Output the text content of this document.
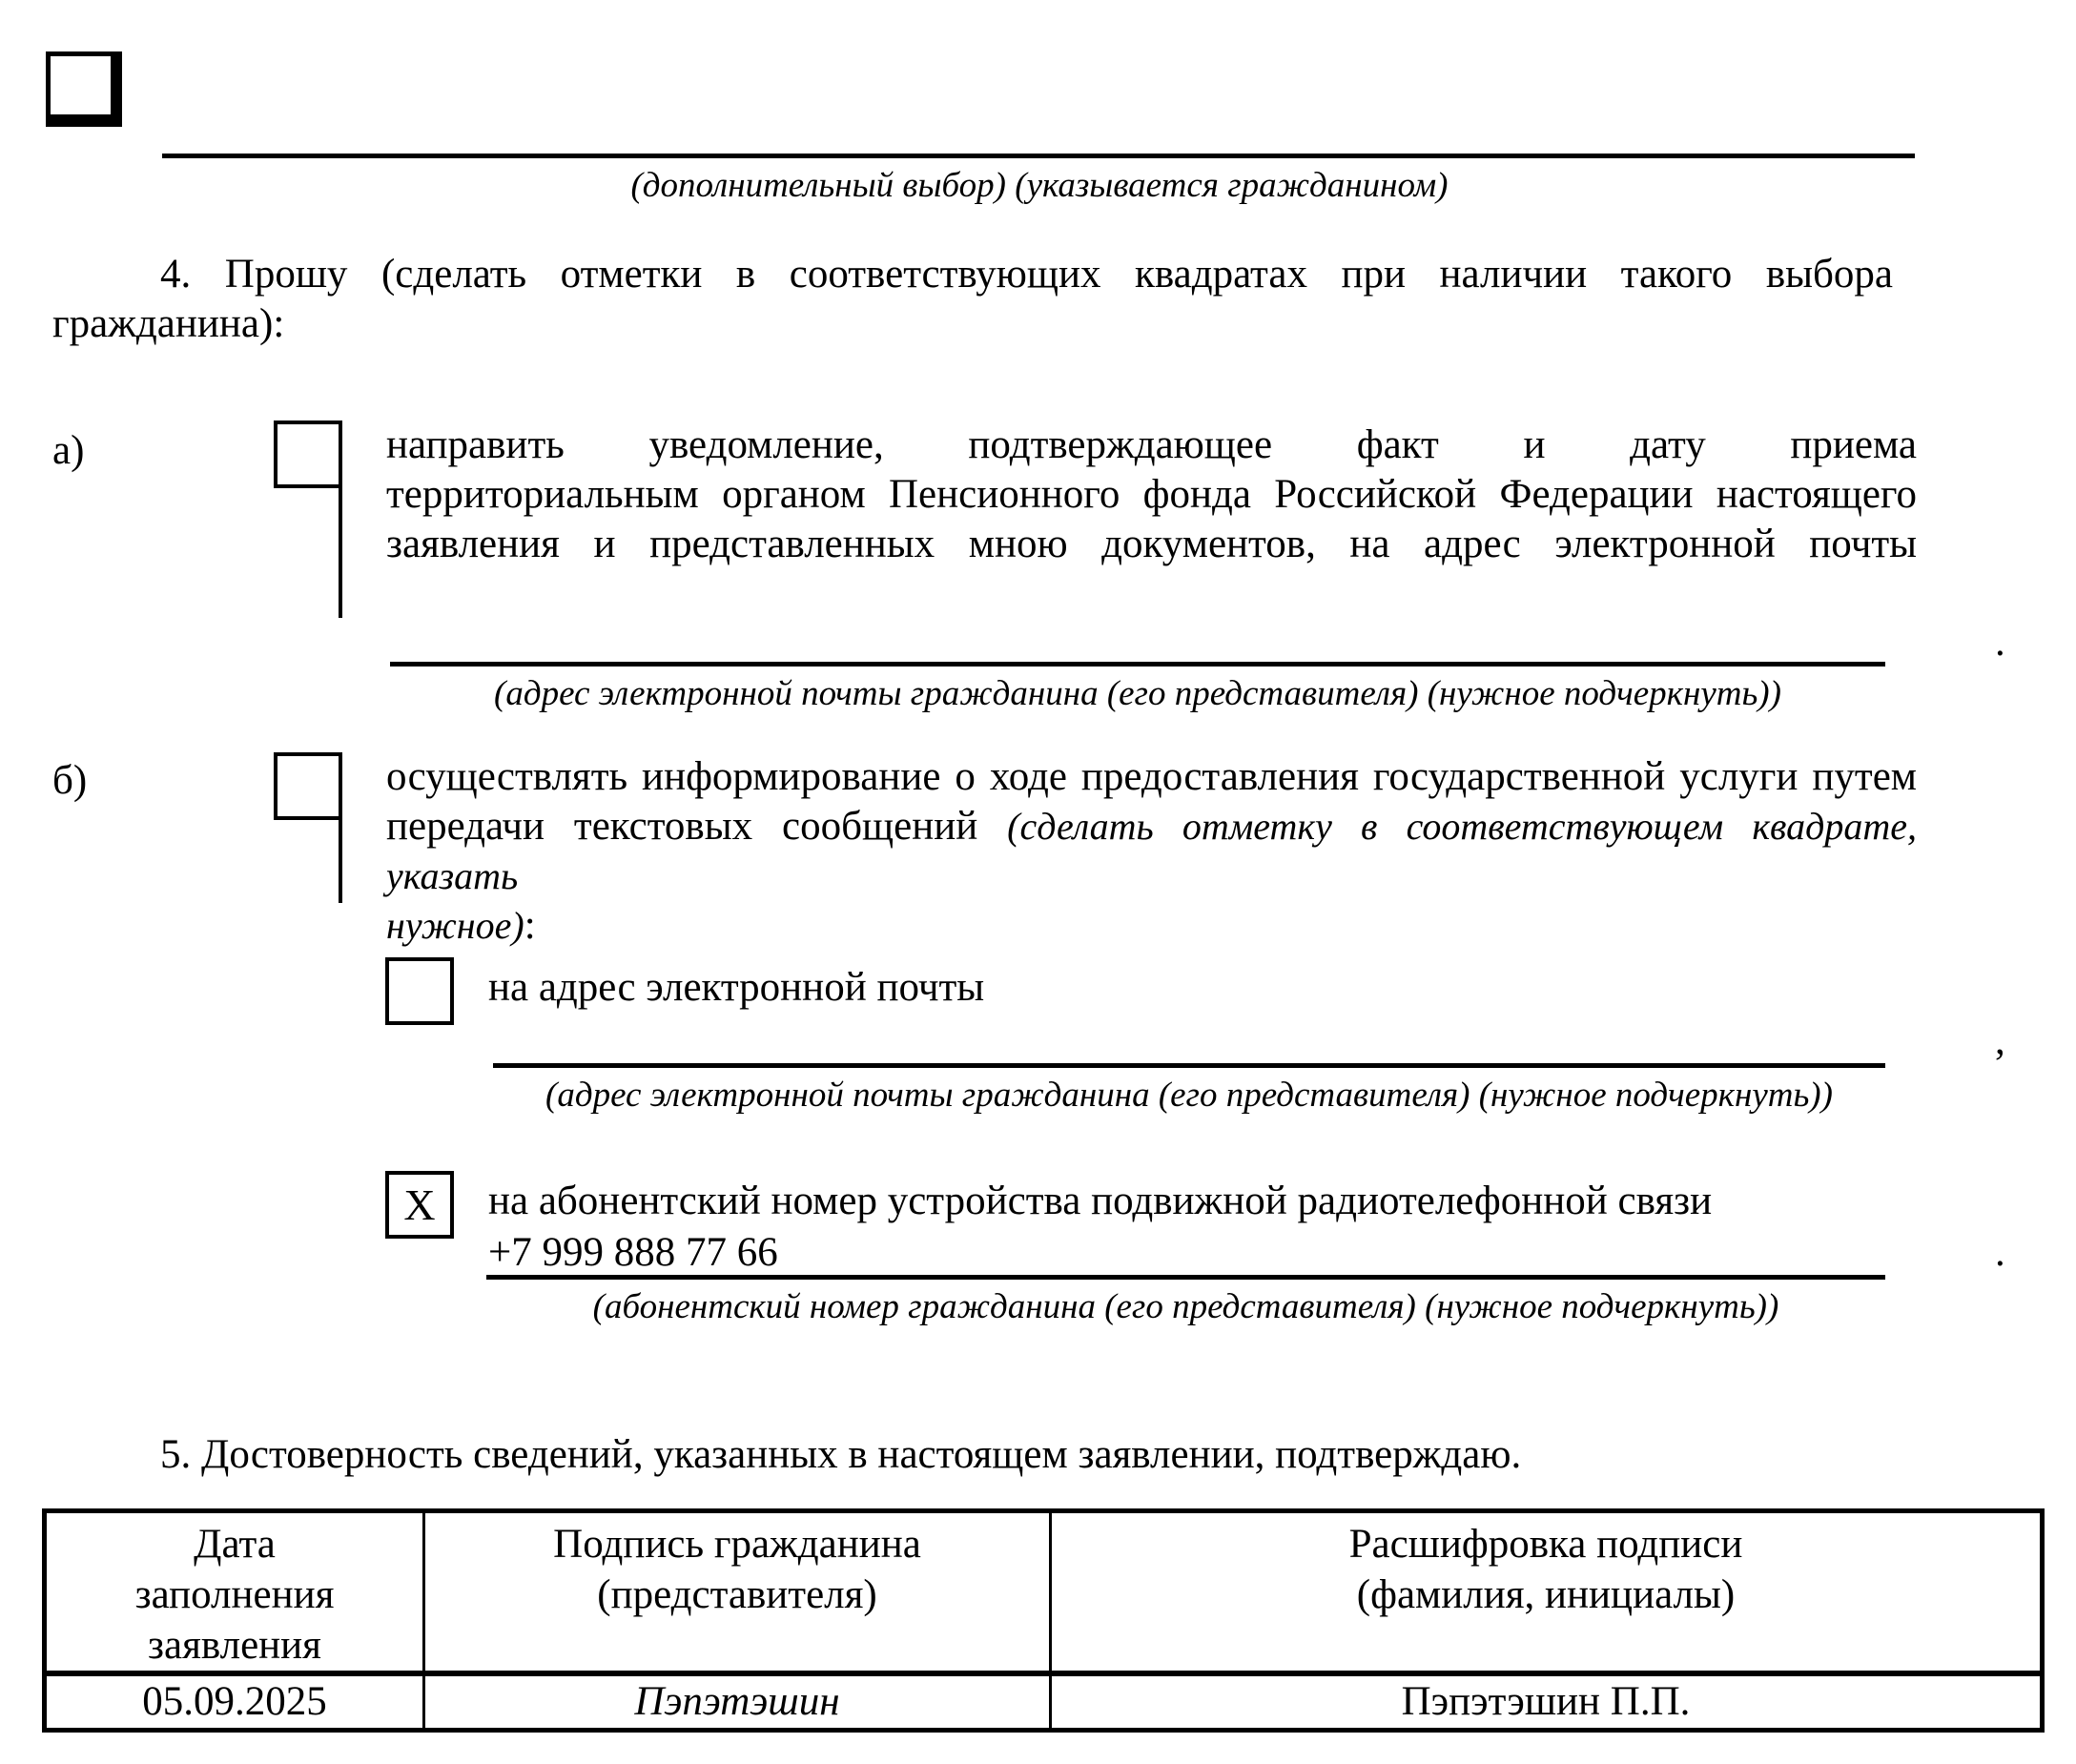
(дополнительный выбор) (указывается гражданином)
4. Прошу (сделать отметки в соответствующих квадратах при наличии такого выбора
гражданина):
а)	направить уведомление, подтверждающее факт и дату приема
территориальным органом Пенсионного фонда Российской Федерации настоящего
заявления и представленных мною документов, на адрес электронной почты
.
(адрес электронной почты гражданина (его представителя) (нужное подчеркнуть))
б)	осуществлять информирование о ходе предоставления государственной услуги путем
передачи текстовых сообщений (сделать отметку в соответствующем квадрате, указать
нужное):
на адрес электронной почты
,
(адрес электронной почты гражданина (его представителя) (нужное подчеркнуть))
X на абонентский номер устройства подвижной радиотелефонной связи
+7 999 888 77 66	.
(абонентский номер гражданина (его представителя) (нужное подчеркнуть))
5. Достоверность сведений, указанных в настоящем заявлении, подтверждаю.
Дата
заполнения
заявления

Подпись гражданина
(представителя)

Расшифровка подписи
(фамилия, инициалы)

05.09.2025	Пэпэтэшин	Пэпэтэшин П.П.
